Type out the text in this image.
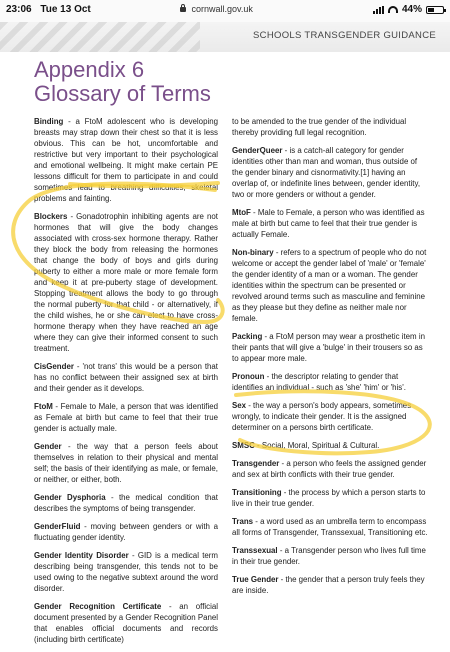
23:06 Tue 13 Oct	cornwall.gov.uk	44%
SCHOOLS TRANSGENDER GUIDANCE
Appendix 6
Glossary of Terms

Binding - a FtoM adolescent who is developing breasts may strap down their chest so that it is less obvious. This can be hot, uncomfortable and restrictive but very important to their psychological and emotional wellbeing. It might make certain PE lessons difficult for them to participate in and could sometimes lead to breathing difficulties, skeletal problems and fainting.

Blockers - Gonadotrophin inhibiting agents are not hormones that will give the body changes associated with cross-sex hormone therapy. Rather they block the body from releasing the hormones that change the body of boys and girls during puberty to either a more male or more female form and keep it at pre-puberty stage of development. Stopping treatment allows the body to go through the normal puberty for that child - or alternatively, if the child wishes, he or she can elect to have cross-hormone therapy when they have reached an age where they can give their informed consent to such treatment.

CisGender - 'not trans' this would be a person that has no conflict between their assigned sex at birth and their gender as it develops.

FtoM - Female to Male, a person that was identified as Female at birth but came to feel that their true gender is actually male.

Gender - the way that a person feels about themselves in relation to their physical and mental self; the basis of their identifying as male, or female, or neither, or either, both.

Gender Dysphoria - the medical condition that describes the symptoms of being transgender.

GenderFluid - moving between genders or with a fluctuating gender identity.

Gender Identity Disorder - GID is a medical term describing being transgender, this tends not to be used owing to the negative subtext around the word disorder.

Gender Recognition Certificate - an official document presented by a Gender Recognition Panel that enables official documents and records (including birth certificate)

to be amended to the true gender of the individual thereby providing full legal recognition.

GenderQueer - is a catch-all category for gender identities other than man and woman, thus outside of the gender binary and cisnormativity.[1] having an overlap of, or indefinite lines between, gender identity, two or more genders or without a gender.

MtoF - Male to Female, a person who was identified as male at birth but came to feel that their true gender is actually Female.

Non-binary - refers to a spectrum of people who do not welcome or accept the gender label of 'male' or 'female' the gender identity of a man or a woman. The gender identities within the spectrum can be presented or revolved around terms such as masculine and feminine as they please but they define as neither male nor female.

Packing - a FtoM person may wear a prosthetic item in their pants that will give a 'bulge' in their trousers so as to appear more male.

Pronoun - the descriptor relating to gender that identifies an individual - such as 'she' 'him' or 'his'.

Sex - the way a person's body appears, sometimes wrongly, to indicate their gender. It is the assigned determiner on a persons birth certificate.

SMSC - Social, Moral, Spiritual & Cultural.

Transgender - a person who feels the assigned gender and sex at birth conflicts with their true gender.

Transitioning - the process by which a person starts to live in their true gender.

Trans - a word used as an umbrella term to encompass all forms of Transgender, Transsexual, Transitioning etc.

Transsexual - a Transgender person who lives full time in their true gender.

True Gender - the gender that a person truly feels they are inside.
